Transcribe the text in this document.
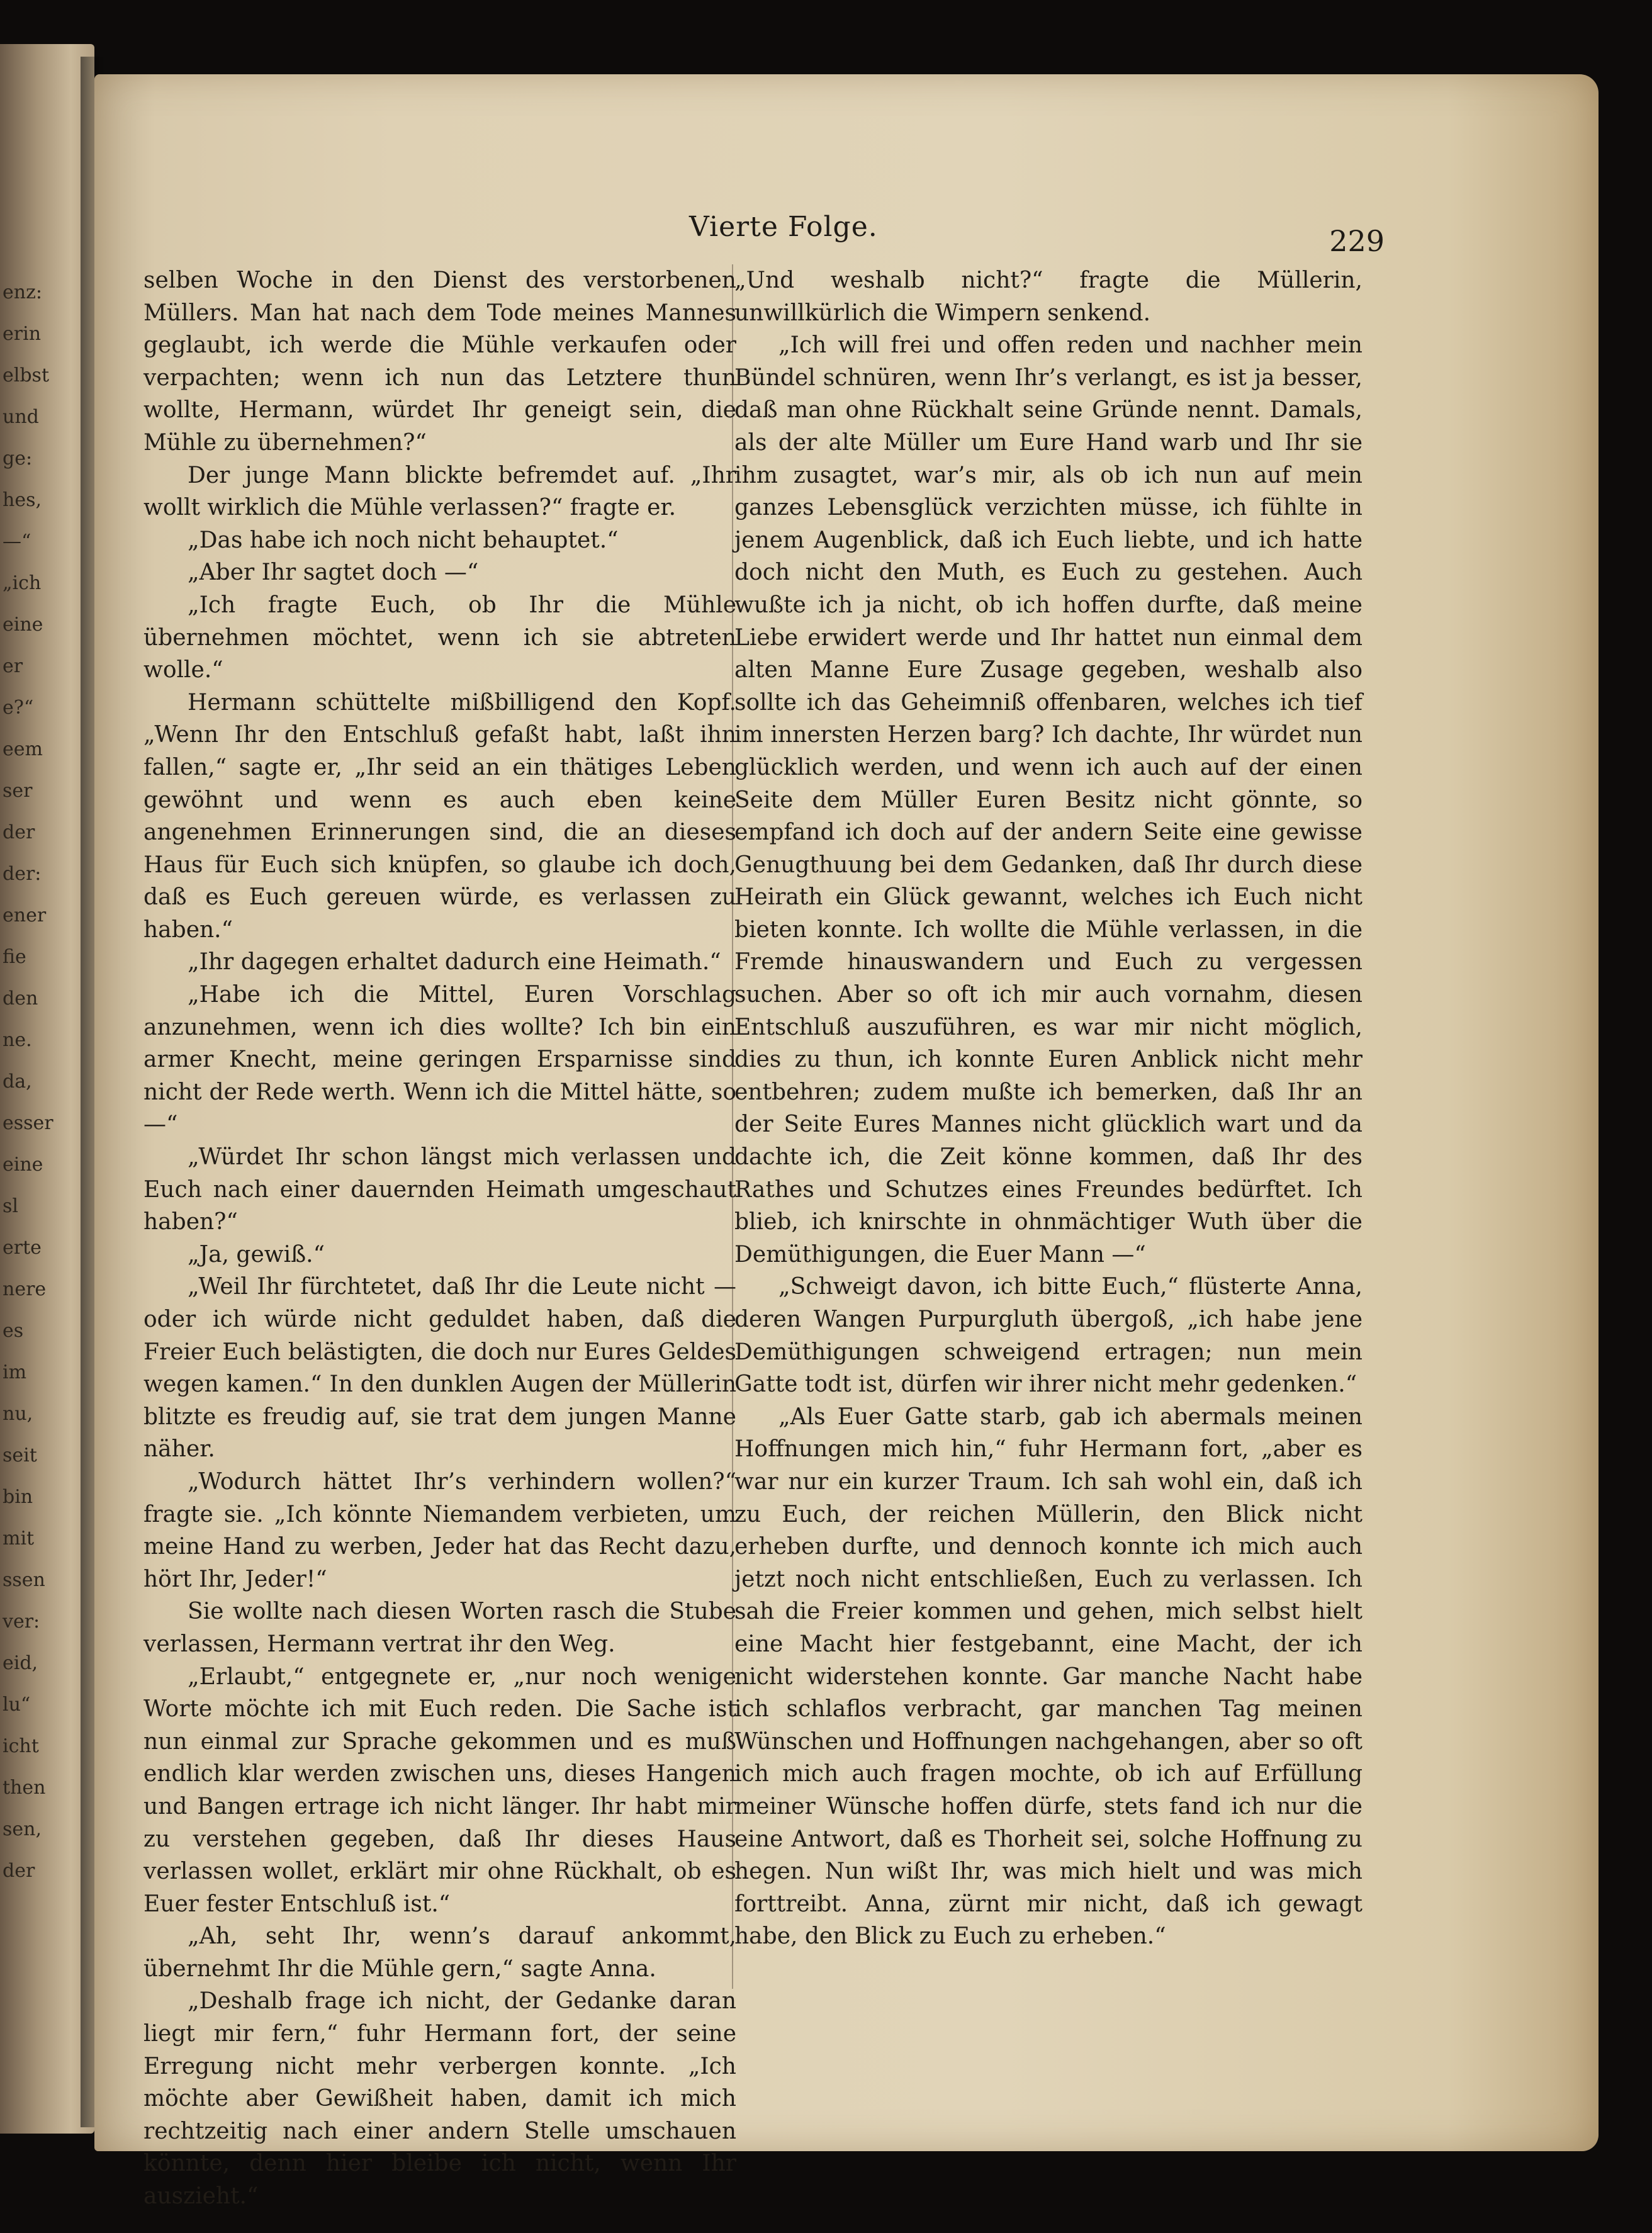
enz:
erin
elbst
und
ge:
hes,
—“
„ich
eine
er
e?“
eem
ser
der
der:
ener
fie
den
ne.
da,
esser
eine
sl
erte
nere
es
im
nu,
seit
bin
mit
ssen
ver:
eid,
lu“
icht
then
sen,
der
Vierte Folge.	229

selben Woche in den Dienst des verstorbenen Müllers. Man hat nach dem Tode meines Mannes geglaubt, ich werde die Mühle verkaufen oder verpachten; wenn ich nun das Letztere thun wollte, Hermann, würdet Ihr geneigt sein, die Mühle zu übernehmen?“

Der junge Mann blickte befremdet auf. „Ihr wollt wirklich die Mühle verlassen?“ fragte er.

„Das habe ich noch nicht behauptet.“

„Aber Ihr sagtet doch —“

„Ich fragte Euch, ob Ihr die Mühle übernehmen möchtet, wenn ich sie abtreten wolle.“

Hermann schüttelte mißbilligend den Kopf. „Wenn Ihr den Entschluß gefaßt habt, laßt ihn fallen,“ sagte er, „Ihr seid an ein thätiges Leben gewöhnt und wenn es auch eben keine angenehmen Erinnerungen sind, die an dieses Haus für Euch sich knüpfen, so glaube ich doch, daß es Euch gereuen würde, es verlassen zu haben.“

„Ihr dagegen erhaltet dadurch eine Heimath.“

„Habe ich die Mittel, Euren Vorschlag anzunehmen, wenn ich dies wollte? Ich bin ein armer Knecht, meine geringen Ersparnisse sind nicht der Rede werth. Wenn ich die Mittel hätte, so —“

„Würdet Ihr schon längst mich verlassen und Euch nach einer dauernden Heimath umgeschaut haben?“

„Ja, gewiß.“

„Weil Ihr fürchtetet, daß Ihr die Leute nicht — oder ich würde nicht geduldet haben, daß die Freier Euch belästigten, die doch nur Eures Geldes wegen kamen.“ In den dunklen Augen der Müllerin blitzte es freudig auf, sie trat dem jungen Manne näher.

„Wodurch hättet Ihr’s verhindern wollen?“ fragte sie. „Ich könnte Niemandem verbieten, um meine Hand zu werben, Jeder hat das Recht dazu, hört Ihr, Jeder!“

Sie wollte nach diesen Worten rasch die Stube verlassen, Hermann vertrat ihr den Weg.

„Erlaubt,“ entgegnete er, „nur noch wenige Worte möchte ich mit Euch reden. Die Sache ist nun einmal zur Sprache gekommen und es muß endlich klar werden zwischen uns, dieses Hangen und Bangen ertrage ich nicht länger. Ihr habt mir zu verstehen gegeben, daß Ihr dieses Haus verlassen wollet, erklärt mir ohne Rückhalt, ob es Euer fester Entschluß ist.“

„Ah, seht Ihr, wenn’s darauf ankommt, übernehmt Ihr die Mühle gern,“ sagte Anna.

„Deshalb frage ich nicht, der Gedanke daran liegt mir fern,“ fuhr Hermann fort, der seine Erregung nicht mehr verbergen konnte. „Ich möchte aber Gewißheit haben, damit ich mich rechtzeitig nach einer andern Stelle umschauen könnte, denn hier bleibe ich nicht, wenn Ihr auszieht.“

„Und weshalb nicht?“ fragte die Müllerin, unwillkürlich die Wimpern senkend.

„Ich will frei und offen reden und nachher mein Bündel schnüren, wenn Ihr’s verlangt, es ist ja besser, daß man ohne Rückhalt seine Gründe nennt. Damals, als der alte Müller um Eure Hand warb und Ihr sie ihm zusagtet, war’s mir, als ob ich nun auf mein ganzes Lebensglück verzichten müsse, ich fühlte in jenem Augenblick, daß ich Euch liebte, und ich hatte doch nicht den Muth, es Euch zu gestehen. Auch wußte ich ja nicht, ob ich hoffen durfte, daß meine Liebe erwidert werde und Ihr hattet nun einmal dem alten Manne Eure Zusage gegeben, weshalb also sollte ich das Geheimniß offenbaren, welches ich tief im innersten Herzen barg? Ich dachte, Ihr würdet nun glücklich werden, und wenn ich auch auf der einen Seite dem Müller Euren Besitz nicht gönnte, so empfand ich doch auf der andern Seite eine gewisse Genugthuung bei dem Gedanken, daß Ihr durch diese Heirath ein Glück gewannt, welches ich Euch nicht bieten konnte. Ich wollte die Mühle verlassen, in die Fremde hinauswandern und Euch zu vergessen suchen. Aber so oft ich mir auch vornahm, diesen Entschluß auszuführen, es war mir nicht möglich, dies zu thun, ich konnte Euren Anblick nicht mehr entbehren; zudem mußte ich bemerken, daß Ihr an der Seite Eures Mannes nicht glücklich wart und da dachte ich, die Zeit könne kommen, daß Ihr des Rathes und Schutzes eines Freundes bedürftet. Ich blieb, ich knirschte in ohnmächtiger Wuth über die Demüthigungen, die Euer Mann —“

„Schweigt davon, ich bitte Euch,“ flüsterte Anna, deren Wangen Purpurgluth übergoß, „ich habe jene Demüthigungen schweigend ertragen; nun mein Gatte todt ist, dürfen wir ihrer nicht mehr gedenken.“

„Als Euer Gatte starb, gab ich abermals meinen Hoffnungen mich hin,“ fuhr Hermann fort, „aber es war nur ein kurzer Traum. Ich sah wohl ein, daß ich zu Euch, der reichen Müllerin, den Blick nicht erheben durfte, und dennoch konnte ich mich auch jetzt noch nicht entschließen, Euch zu verlassen. Ich sah die Freier kommen und gehen, mich selbst hielt eine Macht hier festgebannt, eine Macht, der ich nicht widerstehen konnte. Gar manche Nacht habe ich schlaflos verbracht, gar manchen Tag meinen Wünschen und Hoffnungen nachgehangen, aber so oft ich mich auch fragen mochte, ob ich auf Erfüllung meiner Wünsche hoffen dürfe, stets fand ich nur die eine Antwort, daß es Thorheit sei, solche Hoffnung zu hegen. Nun wißt Ihr, was mich hielt und was mich forttreibt. Anna, zürnt mir nicht, daß ich gewagt habe, den Blick zu Euch zu erheben.“
